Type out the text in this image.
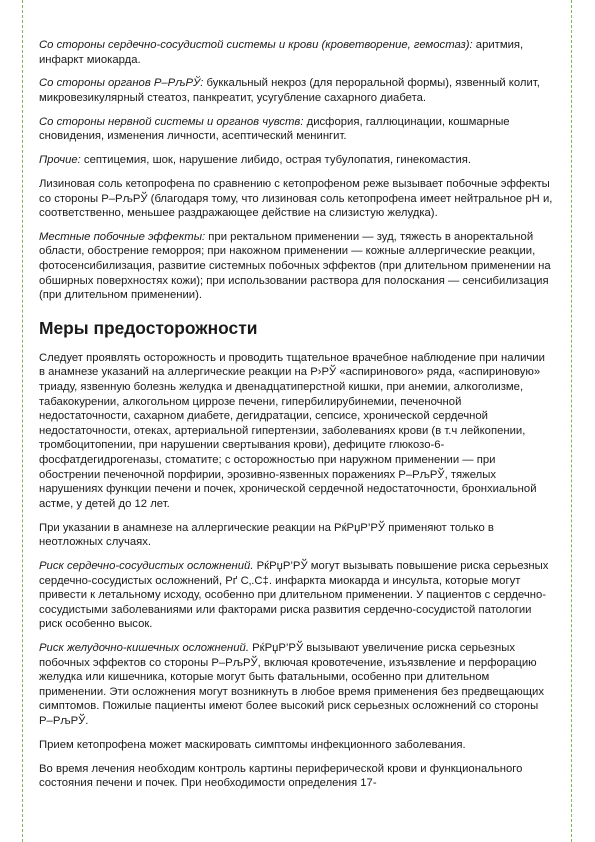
Со стороны сердечно-сосудистой системы и крови (кроветворение, гемостаз): аритмия, инфаркт миокарда.

Со стороны органов Р–РљРЎ: буккальный некроз (для пероральной формы), язвенный колит, микровезикулярный стеатоз, панкреатит, усугубление сахарного диабета.

Со стороны нервной системы и органов чувств: дисфория, галлюцинации, кошмарные сновидения, изменения личности, асептический менингит.

Прочие: септицемия, шок, нарушение либидо, острая тубулопатия, гинекомастия.

Лизиновая соль кетопрофена по сравнению с кетопрофеном реже вызывает побочные эффекты со стороны Р–РљРЎ (благодаря тому, что лизиновая соль кетопрофена имеет нейтральное pH и, соответственно, меньшее раздражающее действие на слизистую желудка).

Местные побочные эффекты: при ректальном применении — зуд, тяжесть в аноректальной области, обострение геморроя; при накожном применении — кожные аллергические реакции, фотосенсибилизация, развитие системных побочных эффектов (при длительном применении на обширных поверхностях кожи); при использовании раствора для полоскания — сенсибилизация (при длительном применении).

Меры предосторожности

Следует проявлять осторожность и проводить тщательное врачебное наблюдение при наличии в анамнезе указаний на аллергические реакции на Р›РЎ «аспиринового» ряда, «аспириновую» триаду, язвенную болезнь желудка и двенадцатиперстной кишки, при анемии, алкоголизме, табакокурении, алкогольном циррозе печени, гипербилирубинемии, печеночной недостаточности, сахарном диабете, дегидратации, сепсисе, хронической сердечной недостаточности, отеках, артериальной гипертензии, заболеваниях крови (в т.ч лейкопении, тромбоцитопении, при нарушении свертывания крови), дефиците глюкозо-6-фосфатдегидрогеназы, стоматите; с осторожностью при наружном применении — при обострении печеночной порфирии, эрозивно-язвенных поражениях Р–РљРЎ, тяжелых нарушениях функции печени и почек, хронической сердечной недостаточности, бронхиальной астме, у детей до 12 лет.

При указании в анамнезе на аллергические реакции на РќРџР’РЎ применяют только в неотложных случаях.

Риск сердечно-сосудистых осложнений. РќРџР’РЎ могут вызывать повышение риска серьезных сердечно-сосудистых осложнений, Рґ С‚.С‡. инфаркта миокарда и инсульта, которые могут привести к летальному исходу, особенно при длительном применении. У пациентов с сердечно-сосудистыми заболеваниями или факторами риска развития сердечно-сосудистой патологии риск особенно высок.

Риск желудочно-кишечных осложнений. РќРџР’РЎ вызывают увеличение риска серьезных побочных эффектов со стороны Р–РљРЎ, включая кровотечение, изъязвление и перфорацию желудка или кишечника, которые могут быть фатальными, особенно при длительном применении. Эти осложнения могут возникнуть в любое время применения без предвещающих симптомов. Пожилые пациенты имеют более высокий риск серьезных осложнений со стороны Р–РљРЎ.

Прием кетопрофена может маскировать симптомы инфекционного заболевания.

Во время лечения необходим контроль картины периферической крови и функционального состояния печени и почек. При необходимости определения 17-
